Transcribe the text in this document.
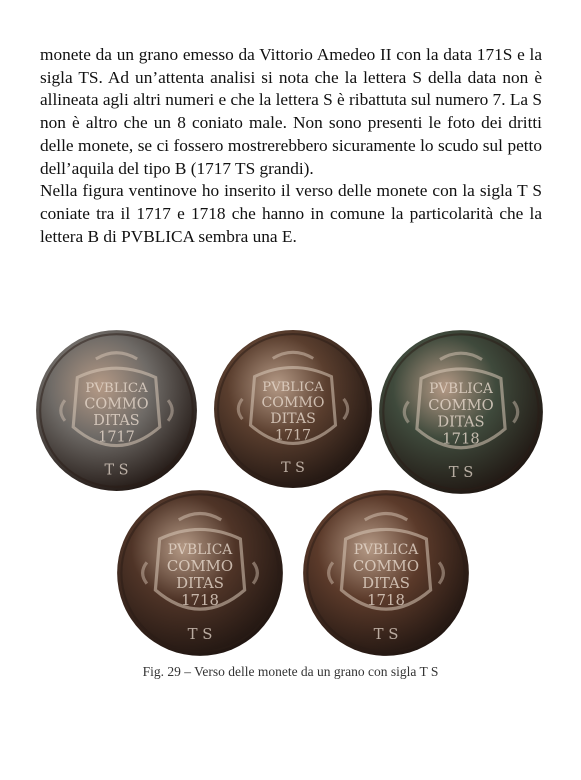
monete da un grano emesso da Vittorio Amedeo II con la data 171S e la sigla TS. Ad un’attenta analisi si nota che la lettera S della data non è allineata agli altri numeri e che la lettera S è ribattuta sul numero 7. La S non è altro che un 8 coniato male. Non sono presenti le foto dei dritti delle monete, se ci fossero mostrerebbero sicuramente lo scudo sul petto dell’aquila del tipo B (1717 TS grandi).

Nella figura ventinove ho inserito il verso delle monete con la sigla T S coniate tra il 1717 e 1718 che hanno in comune la particolarità che la lettera B di PVBLICA sembra una E.

PVBLICA
COMMO
DITAS
1717
T S
PVBLICA
COMMO
DITAS
1717
T S
PVBLICA
COMMO
DITAS
1718
T S
PVBLICA
COMMO
DITAS
1718
T S
PVBLICA
COMMO
DITAS
1718
T S
Fig. 29 – Verso delle monete da un grano con sigla T S
